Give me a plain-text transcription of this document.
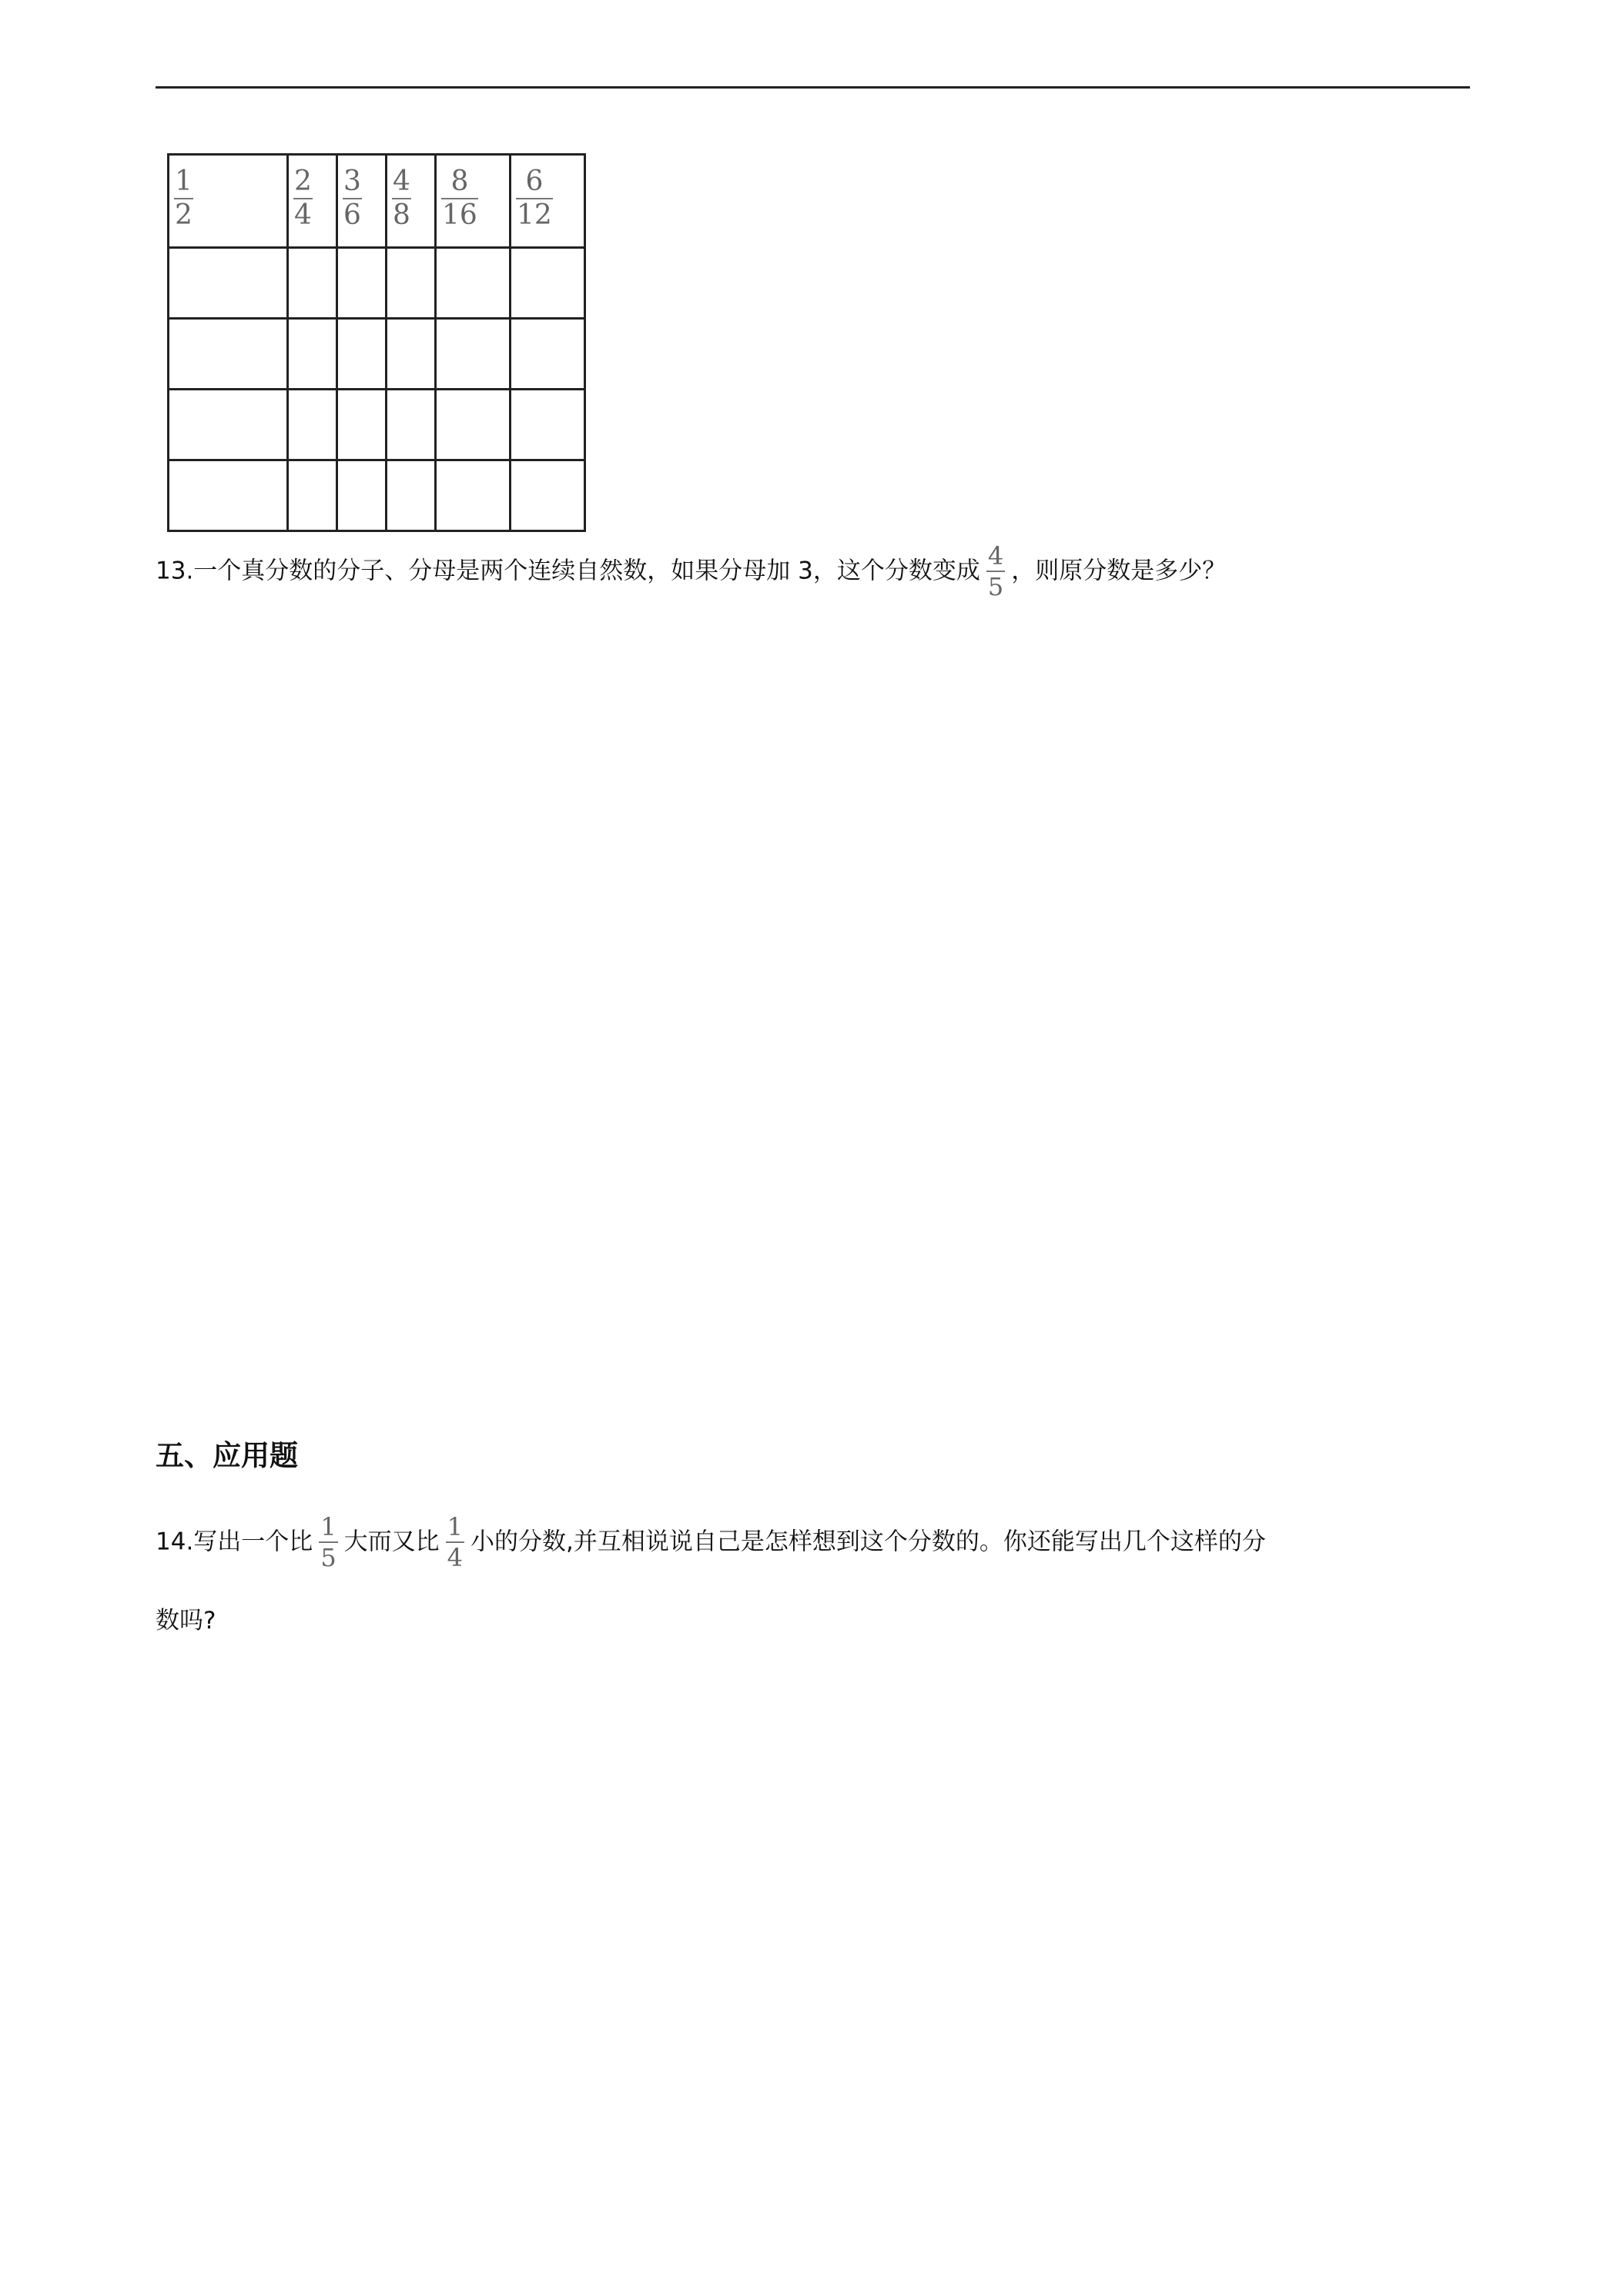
$\frac{1}{2}$	$\frac{2}{4}$	$\frac{3}{6}$	$\frac{4}{8}$	$\frac{8}{16}$	$\frac{6}{12}$

13.一个真分数的分子、分母是两个连续自然数，如果分母加 3，这个分数变成 $\frac{4}{5}$ ，则原分数是多少？
五、应用题
14.写出一个比 $\frac{1}{5}$ 大而又比 $\frac{1}{4}$ 小的分数,并互相说说自己是怎样想到这个分数的。你还能写出几个这样的分
数吗?
